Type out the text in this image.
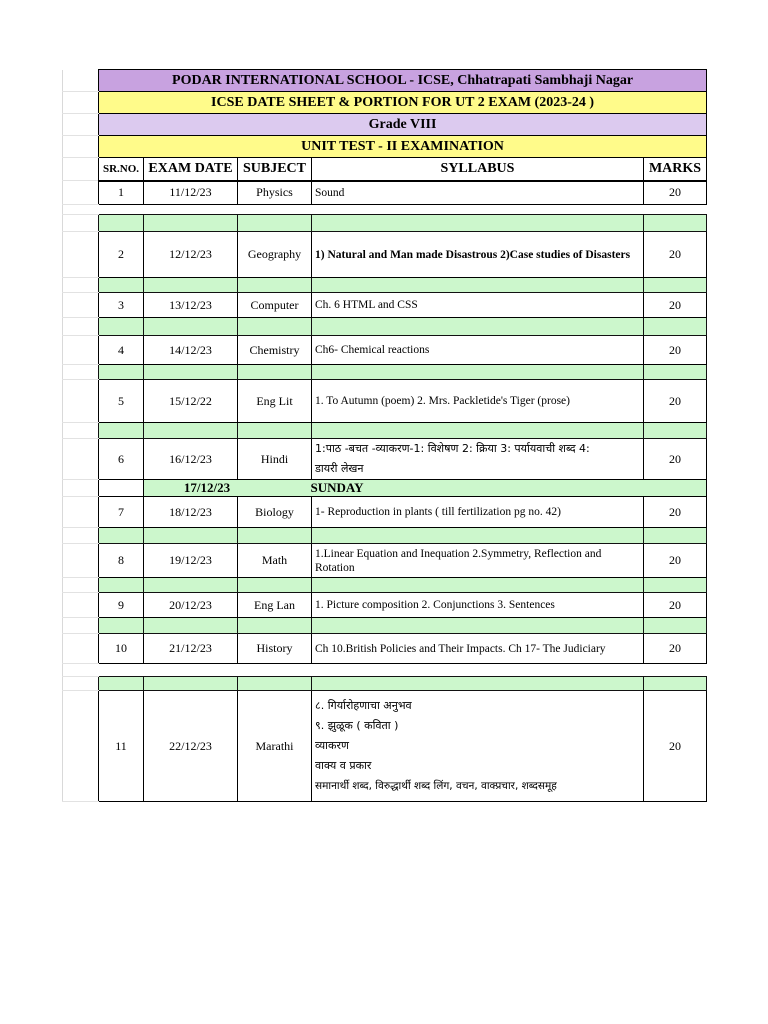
	PODAR INTERNATIONAL SCHOOL - ICSE, Chhatrapati Sambhaji Nagar				
	ICSE DATE SHEET & PORTION FOR UT 2 EXAM (2023-24 )				
	Grade VIII				
	UNIT TEST - II EXAMINATION				
	SR.NO.	EXAM DATE	SUBJECT	SYLLABUS	MARKS
	1	11/12/23	Physics	Sound	20

	2	12/12/23	Geography	1) Natural and Man made Disastrous 2)Case studies of Disasters	20

	3	13/12/23	Computer	Ch. 6 HTML and CSS	20

	4	14/12/23	Chemistry	Ch6- Chemical reactions	20

	5	15/12/22	Eng Lit	1. To Autumn (poem) 2. Mrs. Packletide's Tiger (prose)	20

	6	16/12/23	Hindi	1:पाठ -बचत -व्याकरण-1: विशेषण 2: क्रिया 3: पर्यायवाची शब्द 4:
डायरी लेखन	20
		17/12/23 SUNDAY			
	7	18/12/23	Biology	1- Reproduction in plants ( till fertilization pg no. 42)	20

	8	19/12/23	Math	1.Linear Equation and Inequation 2.Symmetry, Reflection and Rotation	20

	9	20/12/23	Eng Lan	1. Picture composition 2. Conjunctions 3. Sentences	20

	10	21/12/23	History	Ch 10.British Policies and Their Impacts. Ch 17- The Judiciary	20

	11	22/12/23	Marathi	८. गिर्यारोहणाचा अनुभव
९. झुळूक ( कविता )
व्याकरण
वाक्य व प्रकार
समानार्थी शब्द, विरुद्धार्थी शब्द लिंग, वचन, वाक्प्रचार, शब्दसमूह	20
